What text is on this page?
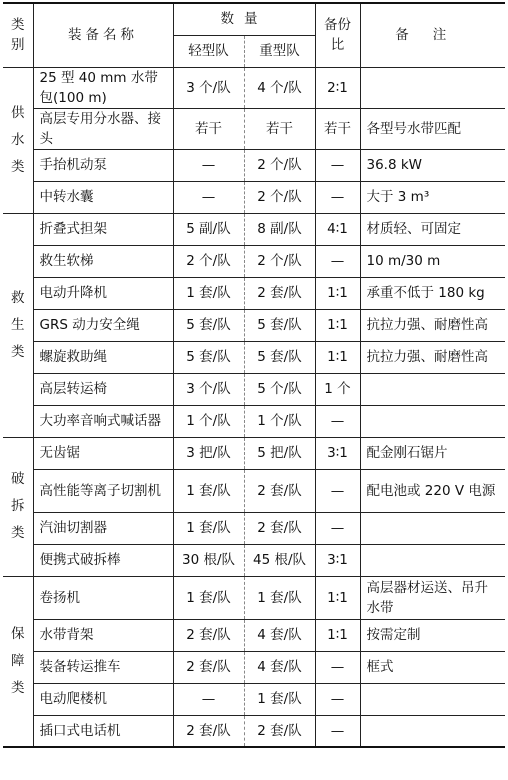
类别	装备名称	数量		备份比	备注
		轻型队	重型队		

供
水
类	25 型 40 mm 水带包(100 m)	3 个/队	4 个/队	2∶1	
	高层专用分水器、接头	若干	若干	若干	各型号水带匹配
	手抬机动泵	—	2 个/队	—	36.8 kW
	中转水囊	—	2 个/队	—	大于 3 m³

救
生
类	折叠式担架	5 副/队	8 副/队	4∶1	材质轻、可固定
	救生软梯	2 个/队	2 个/队	—	10 m/30 m
	电动升降机	1 套/队	2 套/队	1∶1	承重不低于 180 kg
	GRS 动力安全绳	5 套/队	5 套/队	1∶1	抗拉力强、耐磨性高
	螺旋救助绳	5 套/队	5 套/队	1∶1	抗拉力强、耐磨性高
	高层转运椅	3 个/队	5 个/队	1 个	
	大功率音响式喊话器	1 个/队	1 个/队	—	

破
拆
类	无齿锯	3 把/队	5 把/队	3∶1	配金刚石锯片
	高性能等离子切割机	1 套/队	2 套/队	—	配电池或 220 V 电源
	汽油切割器	1 套/队	2 套/队	—	
	便携式破拆棒	30 根/队	45 根/队	3∶1	

保
障
类	卷扬机	1 套/队	1 套/队	1∶1	高层器材运送、吊升水带
	水带背架	2 套/队	4 套/队	1∶1	按需定制
	装备转运推车	2 套/队	4 套/队	—	框式
	电动爬楼机	—	1 套/队	—	
	插口式电话机	2 套/队	2 套/队	—	
